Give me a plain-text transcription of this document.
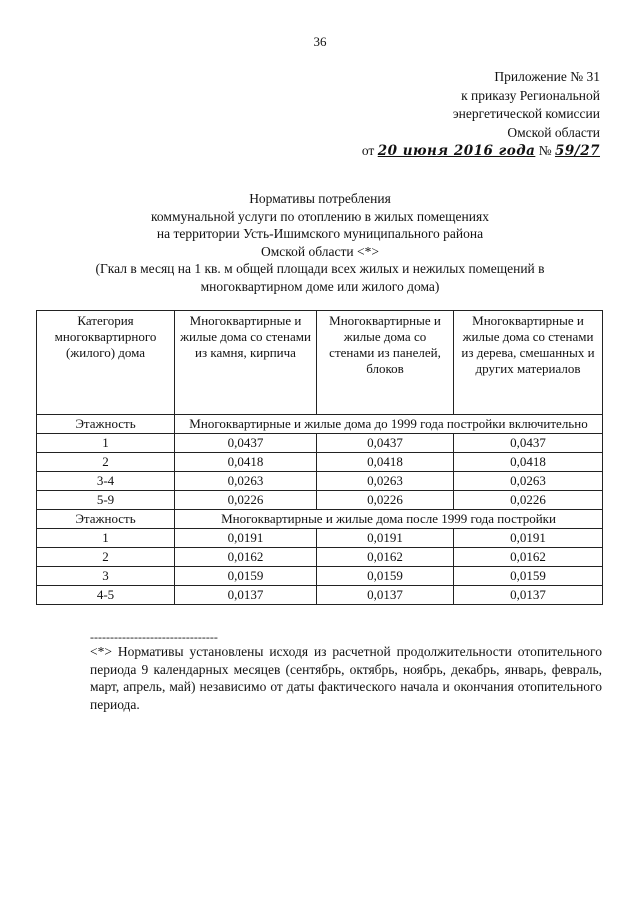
36
Приложение № 31
к приказу Региональной
энергетической комиссии
Омской области
от 20 июня 2016 года № 59/27
Нормативы потребления
коммунальной услуги по отоплению в жилых помещениях
на территории Усть-Ишимского муниципального района
Омской области <*>
(Гкал в месяц на 1 кв. м общей площади всех жилых и нежилых помещений в
многоквартирном доме или жилого дома)
Категория многоквартирного (жилого) дома	Многоквартирные и жилые дома со стенами из камня, кирпича	Многоквартирные и жилые дома со стенами из панелей, блоков	Многоквартирные и жилые дома со стенами из дерева, смешанных и других материалов
Этажность	Многоквартирные и жилые дома до 1999 года постройки включительно		
1	0,0437	0,0437	0,0437
2	0,0418	0,0418	0,0418
3-4	0,0263	0,0263	0,0263
5-9	0,0226	0,0226	0,0226
Этажность	Многоквартирные и жилые дома после 1999 года постройки		
1	0,0191	0,0191	0,0191
2	0,0162	0,0162	0,0162
3	0,0159	0,0159	0,0159
4-5	0,0137	0,0137	0,0137
--------------------------------
<*> Нормативы установлены исходя из расчетной продолжительности отопительного периода 9 календарных месяцев (сентябрь, октябрь, ноябрь, декабрь, январь, февраль, март, апрель, май) независимо от даты фактического начала и окончания отопительного периода.
